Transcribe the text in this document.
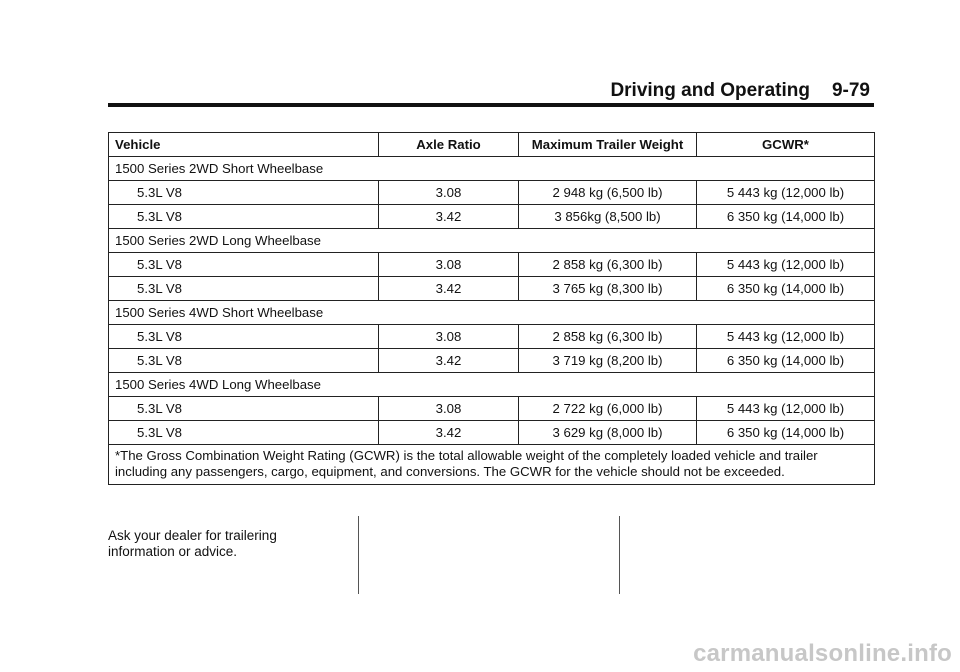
Driving and Operating 9-79
Vehicle	Axle Ratio	Maximum Trailer Weight	GCWR*
1500 Series 2WD Short Wheelbase			
5.3L V8	3.08	2 948 kg (6,500 lb)	5 443 kg (12,000 lb)
5.3L V8	3.42	3 856kg (8,500 lb)	6 350 kg (14,000 lb)
1500 Series 2WD Long Wheelbase			
5.3L V8	3.08	2 858 kg (6,300 lb)	5 443 kg (12,000 lb)
5.3L V8	3.42	3 765 kg (8,300 lb)	6 350 kg (14,000 lb)
1500 Series 4WD Short Wheelbase			
5.3L V8	3.08	2 858 kg (6,300 lb)	5 443 kg (12,000 lb)
5.3L V8	3.42	3 719 kg (8,200 lb)	6 350 kg (14,000 lb)
1500 Series 4WD Long Wheelbase			
5.3L V8	3.08	2 722 kg (6,000 lb)	5 443 kg (12,000 lb)
5.3L V8	3.42	3 629 kg (8,000 lb)	6 350 kg (14,000 lb)
*The Gross Combination Weight Rating (GCWR) is the total allowable weight of the completely loaded vehicle and trailer including any passengers, cargo, equipment, and conversions. The GCWR for the vehicle should not be exceeded.			
Ask your dealer for trailering information or advice.
carmanualsonline.info
